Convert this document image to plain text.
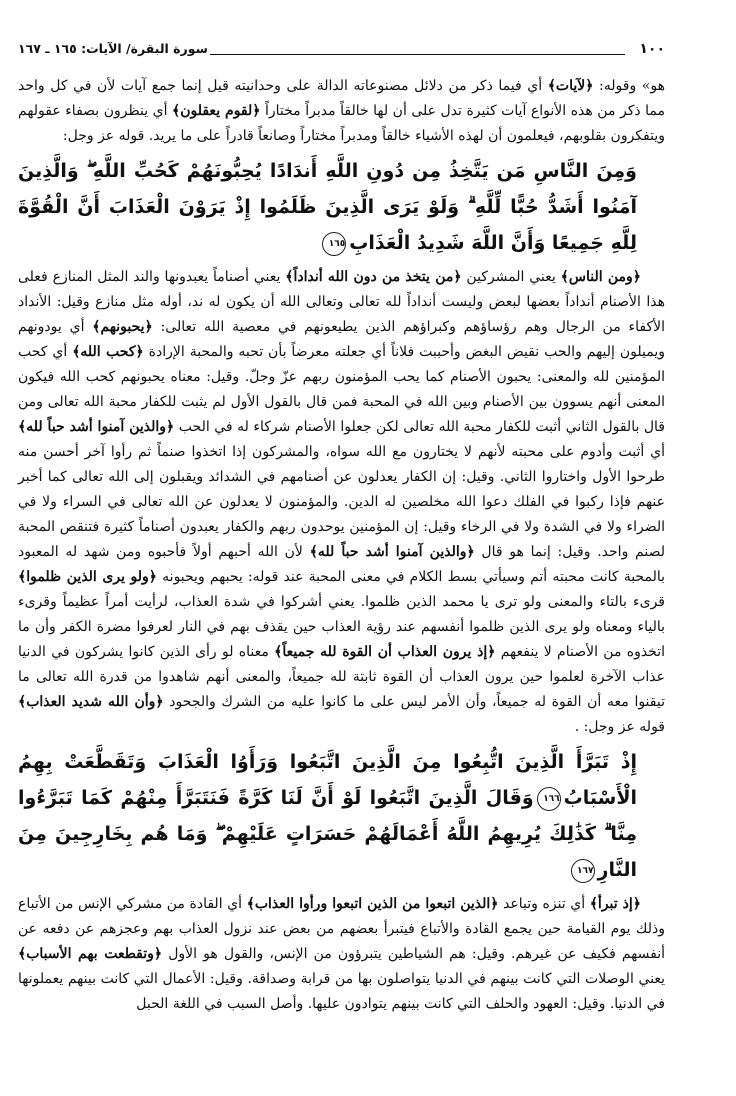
١٠٠
سورة البقرة/ الآيات: ١٦٥ ـ ١٦٧

هو» وقوله: ﴿لآيات﴾ أي فيما ذكر من دلائل مصنوعاته الدالة على وحدانيته قيل إنما جمع آيات لأن في كل واحد مما ذكر من هذه الأنواع آيات كثيرة تدل على أن لها خالقاً مدبراً مختاراً ﴿لقوم يعقلون﴾ أي ينظرون بصفاء عقولهم ويتفكرون بقلوبهم، فيعلمون أن لهذه الأشياء خالقاً ومدبراً مختاراً وصانعاً قادراً على ما يريد. قوله عز وجل:

وَمِنَ النَّاسِ مَن يَتَّخِذُ مِن دُونِ اللَّهِ أَندَادًا يُحِبُّونَهُمْ كَحُبِّ اللَّهِ ۖ وَالَّذِينَ آمَنُوا أَشَدُّ حُبًّا لِّلَّهِ ۗ وَلَوْ يَرَى الَّذِينَ ظَلَمُوا إِذْ يَرَوْنَ الْعَذَابَ أَنَّ الْقُوَّةَ لِلَّهِ جَمِيعًا وَأَنَّ اللَّهَ شَدِيدُ الْعَذَابِ١٦٥

﴿ومن الناس﴾ يعني المشركين ﴿من يتخذ من دون الله أنداداً﴾ يعني أصناماً يعبدونها والند المثل المنازع فعلى هذا الأصنام أنداداً بعضها لبعض وليست أنداداً لله تعالى وتعالى الله أن يكون له ند، أوله مثل منازع وقيل: الأنداد الأكفاء من الرجال وهم رؤساؤهم وكبراؤهم الذين يطيعونهم في معصية الله تعالى: ﴿يحبونهم﴾ أي يودونهم ويميلون إليهم والحب نقيض البغض وأحببت فلاناً أي جعلته معرضاً بأن تحبه والمحبة الإرادة ﴿كحب الله﴾ أي كحب المؤمنين لله والمعنى: يحبون الأصنام كما يحب المؤمنون ربهم عزّ وجلّ. وقيل: معناه يحبونهم كحب الله فيكون المعنى أنهم يسوون بين الأصنام وبين الله في المحبة فمن قال بالقول الأول لم يثبت للكفار محبة الله تعالى ومن قال بالقول الثاني أثبت للكفار محبة الله تعالى لكن جعلوا الأصنام شركاء له في الحب ﴿والذين آمنوا أشد حباً لله﴾ أي أثبت وأدوم على محبته لأنهم لا يختارون مع الله سواه، والمشركون إذا اتخذوا صنماً ثم رأوا آخر أحسن منه طرحوا الأول واختاروا الثاني. وقيل: إن الكفار يعدلون عن أصنامهم في الشدائد ويقبلون إلى الله تعالى كما أخبر عنهم فإذا ركبوا في الفلك دعوا الله مخلصين له الدين. والمؤمنون لا يعدلون عن الله تعالى في السراء ولا في الضراء ولا في الشدة ولا في الرخاء وقيل: إن المؤمنين يوحدون ربهم والكفار يعبدون أصناماً كثيرة فتنقص المحبة لصنم واحد. وقيل: إنما هو قال ﴿والذين آمنوا أشد حباً لله﴾ لأن الله أحبهم أولاً فأحبوه ومن شهد له المعبود بالمحبة كانت محبته أتم وسيأتي بسط الكلام في معنى المحبة عند قوله: يحبهم ويحبونه ﴿ولو يرى الذين ظلموا﴾ قرىء بالتاء والمعنى ولو ترى يا محمد الذين ظلموا. يعني أشركوا في شدة العذاب، لرأيت أمراً عظيماً وقرىء بالياء ومعناه ولو يرى الذين ظلموا أنفسهم عند رؤية العذاب حين يقذف بهم في النار لعرفوا مضرة الكفر وأن ما اتخذوه من الأصنام لا ينفعهم ﴿إذ يرون العذاب أن القوة لله جميعاً﴾ معناه لو رأى الذين كانوا يشركون في الدنيا عذاب الآخرة لعلموا حين يرون العذاب أن القوة ثابتة لله جميعاً، والمعنى أنهم شاهدوا من قدرة الله تعالى ما تيقنوا معه أن القوة له جميعاً، وأن الأمر ليس على ما كانوا عليه من الشرك والجحود ﴿وأن الله شديد العذاب﴾ قوله عز وجل: .

إِذْ تَبَرَّأَ الَّذِينَ اتُّبِعُوا مِنَ الَّذِينَ اتَّبَعُوا وَرَأَوُا الْعَذَابَ وَتَقَطَّعَتْ بِهِمُ الْأَسْبَابُ١٦٦وَقَالَ الَّذِينَ اتَّبَعُوا لَوْ أَنَّ لَنَا كَرَّةً فَنَتَبَرَّأَ مِنْهُمْ كَمَا تَبَرَّءُوا مِنَّا ۗ كَذَٰلِكَ يُرِيهِمُ اللَّهُ أَعْمَالَهُمْ حَسَرَاتٍ عَلَيْهِمْ ۖ وَمَا هُم بِخَارِجِينَ مِنَ النَّارِ١٦٧

﴿إذ تبرأ﴾ أي تنزه وتباعد ﴿الذين اتبعوا من الذين اتبعوا ورأوا العذاب﴾ أي القادة من مشركي الإنس من الأتباع وذلك يوم القيامة حين يجمع القادة والأتباع فيتبرأ بعضهم من بعض عند نزول العذاب بهم وعجزهم عن دفعه عن أنفسهم فكيف عن غيرهم. وقيل: هم الشياطين يتبرؤون من الإنس، والقول هو الأول ﴿وتقطعت بهم الأسباب﴾ يعني الوصلات التي كانت بينهم في الدنيا يتواصلون بها من قرابة وصداقة. وقيل: الأعمال التي كانت بينهم يعملونها في الدنيا. وقيل: العهود والحلف التي كانت بينهم يتوادون عليها. وأصل السبب في اللغة الحبل
